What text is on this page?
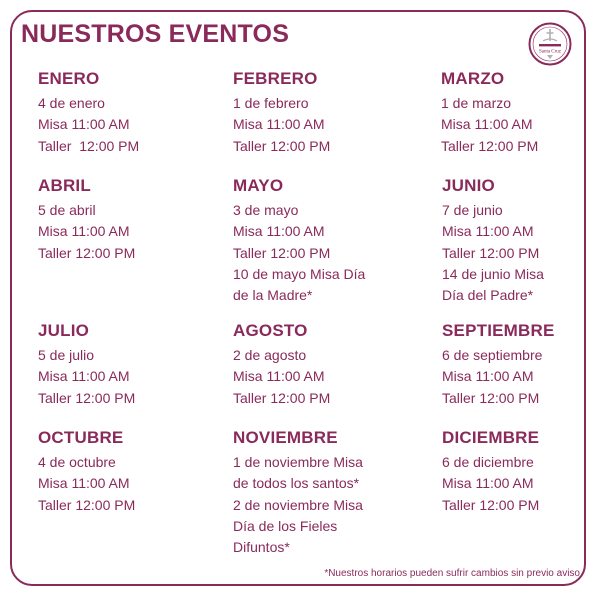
NUESTROS EVENTOS
Santa Cruz
ENERO
4 de enero
Misa 11:00 AM
Taller  12:00 PM
FEBRERO
1 de febrero
Misa 11:00 AM
Taller 12:00 PM
MARZO
1 de marzo
Misa 11:00 AM
Taller 12:00 PM
ABRIL
5 de abril
Misa 11:00 AM
Taller 12:00 PM
MAYO
3 de mayo
Misa 11:00 AM
Taller 12:00 PM
10 de mayo Misa Día
de la Madre*
JUNIO
7 de junio
Misa 11:00 AM
Taller 12:00 PM
14 de junio Misa
Día del Padre*
JULIO
5 de julio
Misa 11:00 AM
Taller 12:00 PM
AGOSTO
2 de agosto
Misa 11:00 AM
Taller 12:00 PM
SEPTIEMBRE
6 de septiembre
Misa 11:00 AM
Taller 12:00 PM
OCTUBRE
4 de octubre
Misa 11:00 AM
Taller 12:00 PM
NOVIEMBRE
1 de noviembre Misa
de todos los santos*
2 de noviembre Misa
Día de los Fieles
Difuntos*
DICIEMBRE
6 de diciembre
Misa 11:00 AM
Taller 12:00 PM

*Nuestros horarios pueden sufrir cambios sin previo aviso
